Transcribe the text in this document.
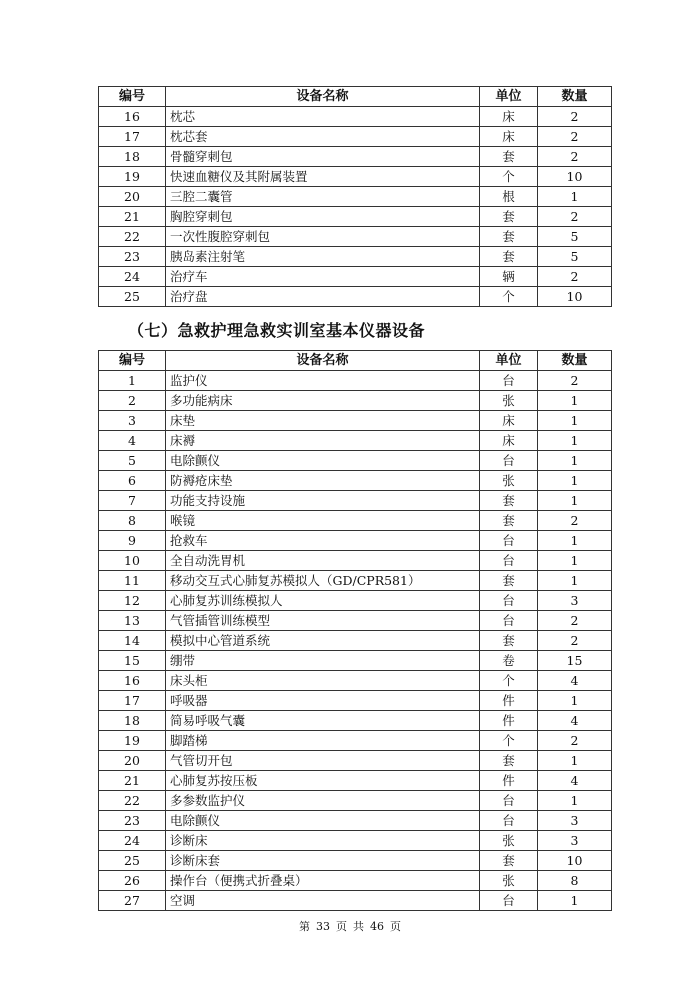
编号	设备名称	单位	数量
16	枕芯	床	2
17	枕芯套	床	2
18	骨髓穿刺包	套	2
19	快速血糖仪及其附属装置	个	10
20	三腔二囊管	根	1
21	胸腔穿刺包	套	2
22	一次性腹腔穿刺包	套	5
23	胰岛素注射笔	套	5
24	治疗车	辆	2
25	治疗盘	个	10
（七）急救护理急救实训室基本仪器设备
编号	设备名称	单位	数量
1	监护仪	台	2
2	多功能病床	张	1
3	床垫	床	1
4	床褥	床	1
5	电除颤仪	台	1
6	防褥疮床垫	张	1
7	功能支持设施	套	1
8	喉镜	套	2
9	抢救车	台	1
10	全自动洗胃机	台	1
11	移动交互式心肺复苏模拟人（GD/CPR581）	套	1
12	心肺复苏训练模拟人	台	3
13	气管插管训练模型	台	2
14	模拟中心管道系统	套	2
15	绷带	卷	15
16	床头柜	个	4
17	呼吸器	件	1
18	简易呼吸气囊	件	4
19	脚踏梯	个	2
20	气管切开包	套	1
21	心肺复苏按压板	件	4
22	多参数监护仪	台	1
23	电除颤仪	台	3
24	诊断床	张	3
25	诊断床套	套	10
26	操作台（便携式折叠桌）	张	8
27	空调	台	1
第 33 页 共 46 页
